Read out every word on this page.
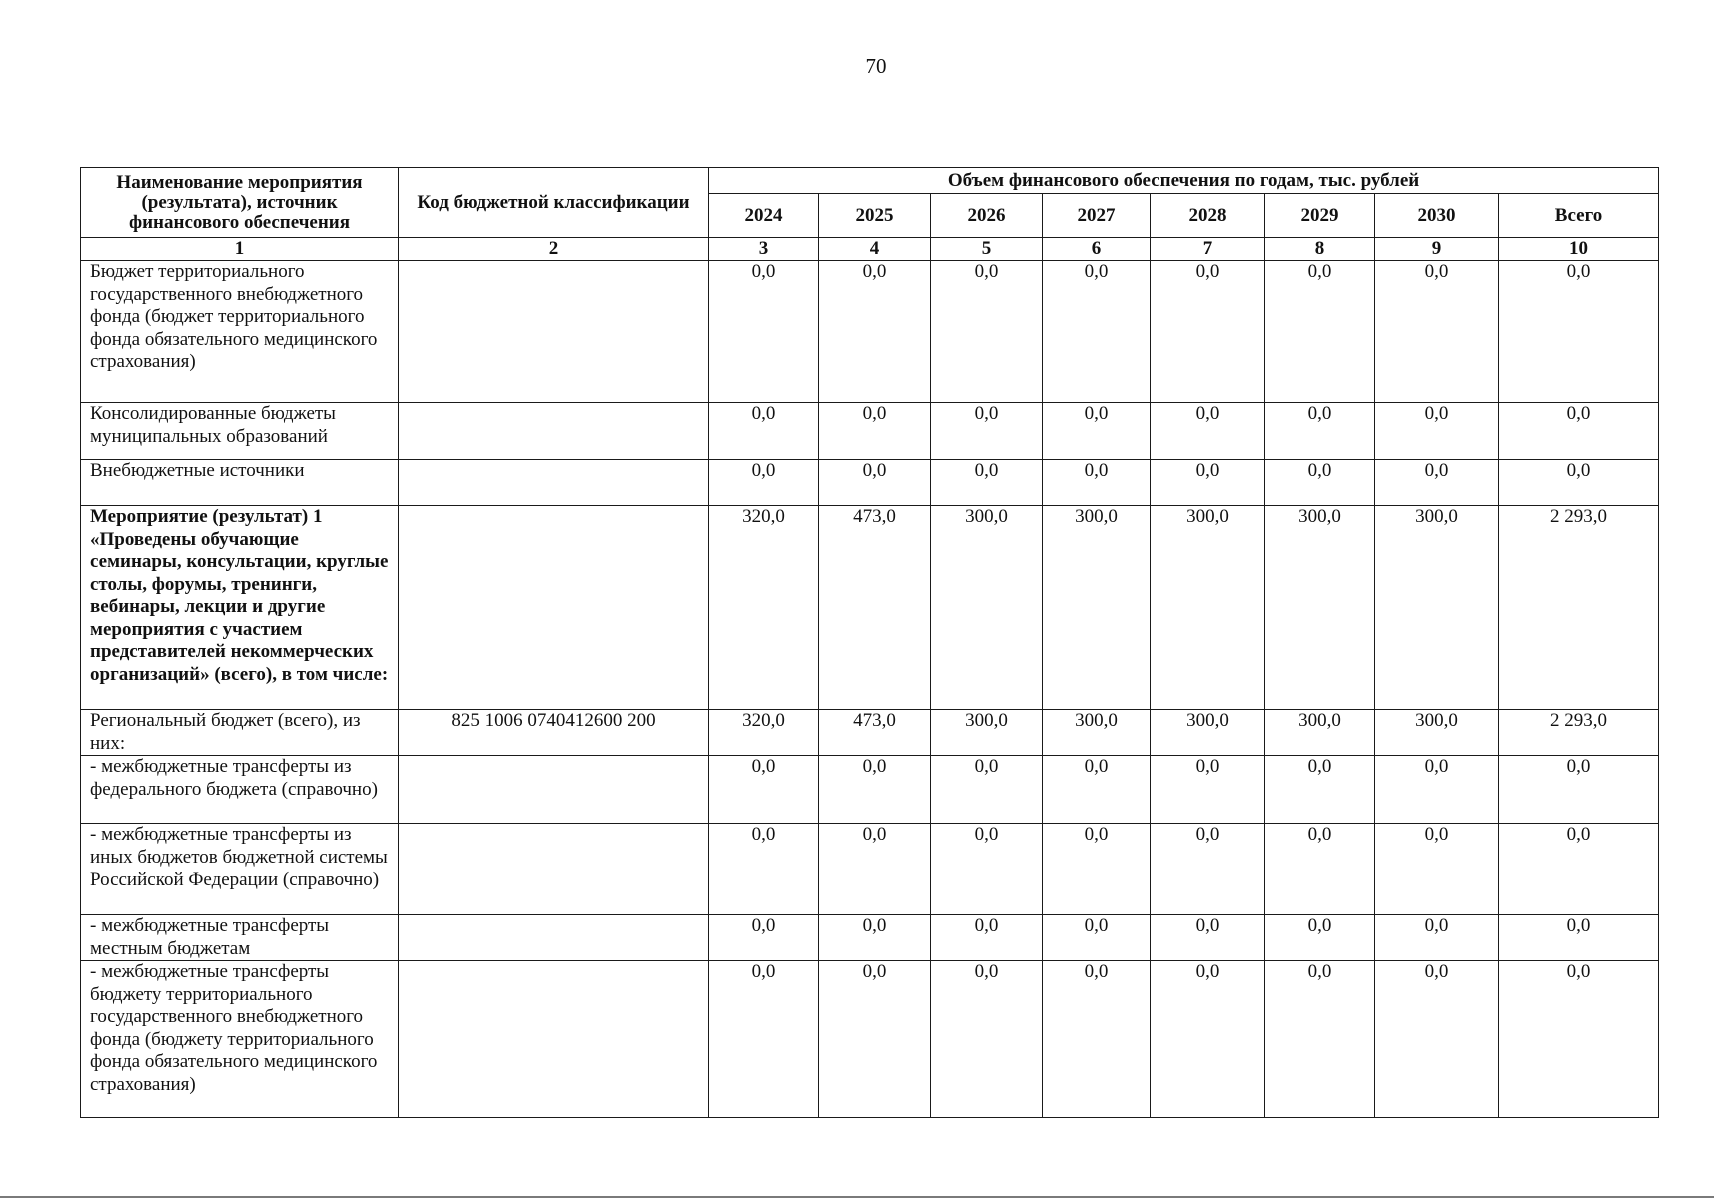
70
Наименование мероприятия (результата), источник финансового обеспечения	Код бюджетной классификации	Объем финансового обеспечения по годам, тыс. рублей							
		2024	2025	2026	2027	2028	2029	2030	Всего
1	2	3	4	5	6	7	8	9	10
Бюджет территориального государственного внебюджетного фонда (бюджет территориального фонда обязательного медицинского страхования)		0,0	0,0	0,0	0,0	0,0	0,0	0,0	0,0
Консолидированные бюджеты муниципальных образований		0,0	0,0	0,0	0,0	0,0	0,0	0,0	0,0
Внебюджетные источники		0,0	0,0	0,0	0,0	0,0	0,0	0,0	0,0
Мероприятие (результат) 1 «Проведены обучающие семинары, консультации, круглые столы, форумы, тренинги, вебинары, лекции и другие мероприятия с участием представителей некоммерческих организаций» (всего), в том числе:		320,0	473,0	300,0	300,0	300,0	300,0	300,0	2 293,0
Региональный бюджет (всего), из них:	825 1006 0740412600 200	320,0	473,0	300,0	300,0	300,0	300,0	300,0	2 293,0
- межбюджетные трансферты из федерального бюджета (справочно)		0,0	0,0	0,0	0,0	0,0	0,0	0,0	0,0
- межбюджетные трансферты из иных бюджетов бюджетной системы Российской Федерации (справочно)		0,0	0,0	0,0	0,0	0,0	0,0	0,0	0,0
- межбюджетные трансферты местным бюджетам		0,0	0,0	0,0	0,0	0,0	0,0	0,0	0,0
- межбюджетные трансферты бюджету территориального государственного внебюджетного фонда (бюджету территориального фонда обязательного медицинского страхования)		0,0	0,0	0,0	0,0	0,0	0,0	0,0	0,0
